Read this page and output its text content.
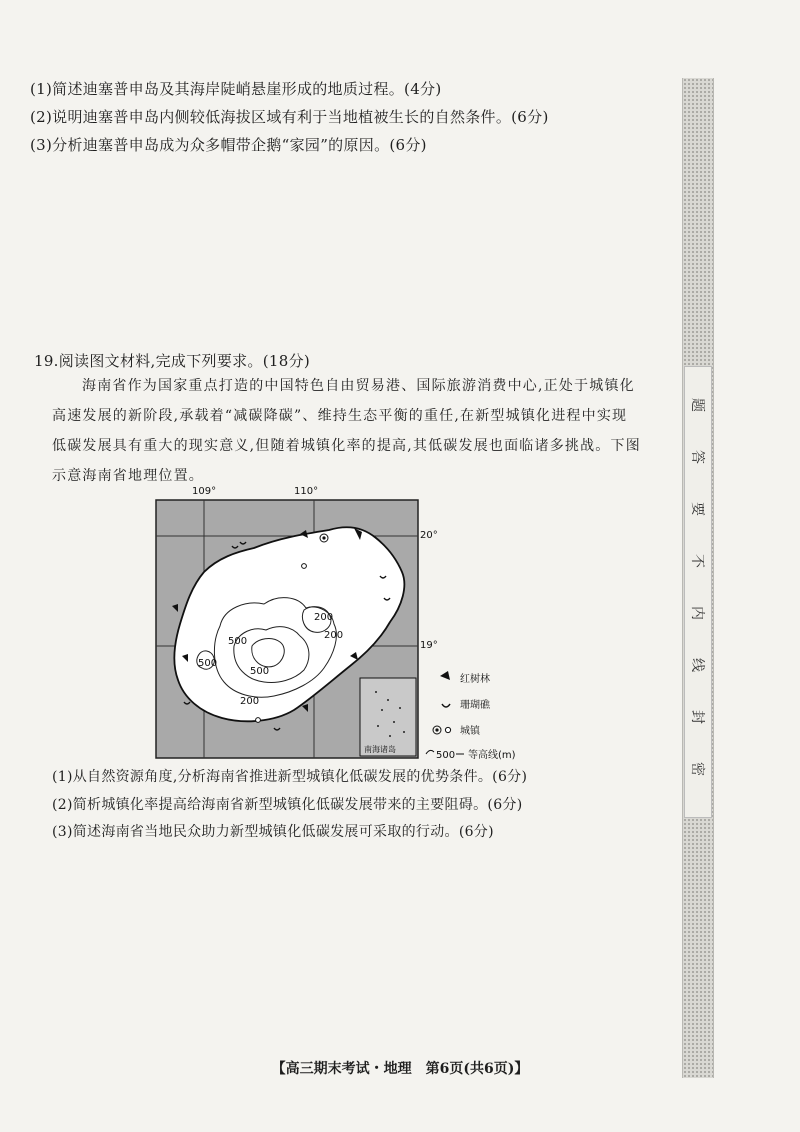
(1)简述迪塞普申岛及其海岸陡峭悬崖形成的地质过程。(4分)
(2)说明迪塞普申岛内侧较低海拔区域有利于当地植被生长的自然条件。(6分)
(3)分析迪塞普申岛成为众多帽带企鹅“家园”的原因。(6分)
19.阅读图文材料,完成下列要求。(18分)
海南省作为国家重点打造的中国特色自由贸易港、国际旅游消费中心,正处于城镇化高速发展的新阶段,承载着“减碳降碳”、维持生态平衡的重任,在新型城镇化进程中实现低碳发展具有重大的现实意义,但随着城镇化率的提高,其低碳发展也面临诸多挑战。下图示意海南省地理位置。
109°	110°
20°
19°
200
200
500
500
500
200
南海诸岛
红树林
珊瑚礁
城镇
500 等高线(m)
(1)从自然资源角度,分析海南省推进新型城镇化低碳发展的优势条件。(6分)
(2)简析城镇化率提高给海南省新型城镇化低碳发展带来的主要阻碍。(6分)
(3)简述海南省当地民众助力新型城镇化低碳发展可采取的行动。(6分)
题
答
要
不
内
线
封
密
【高三期末考试・地理　第6页(共6页)】
